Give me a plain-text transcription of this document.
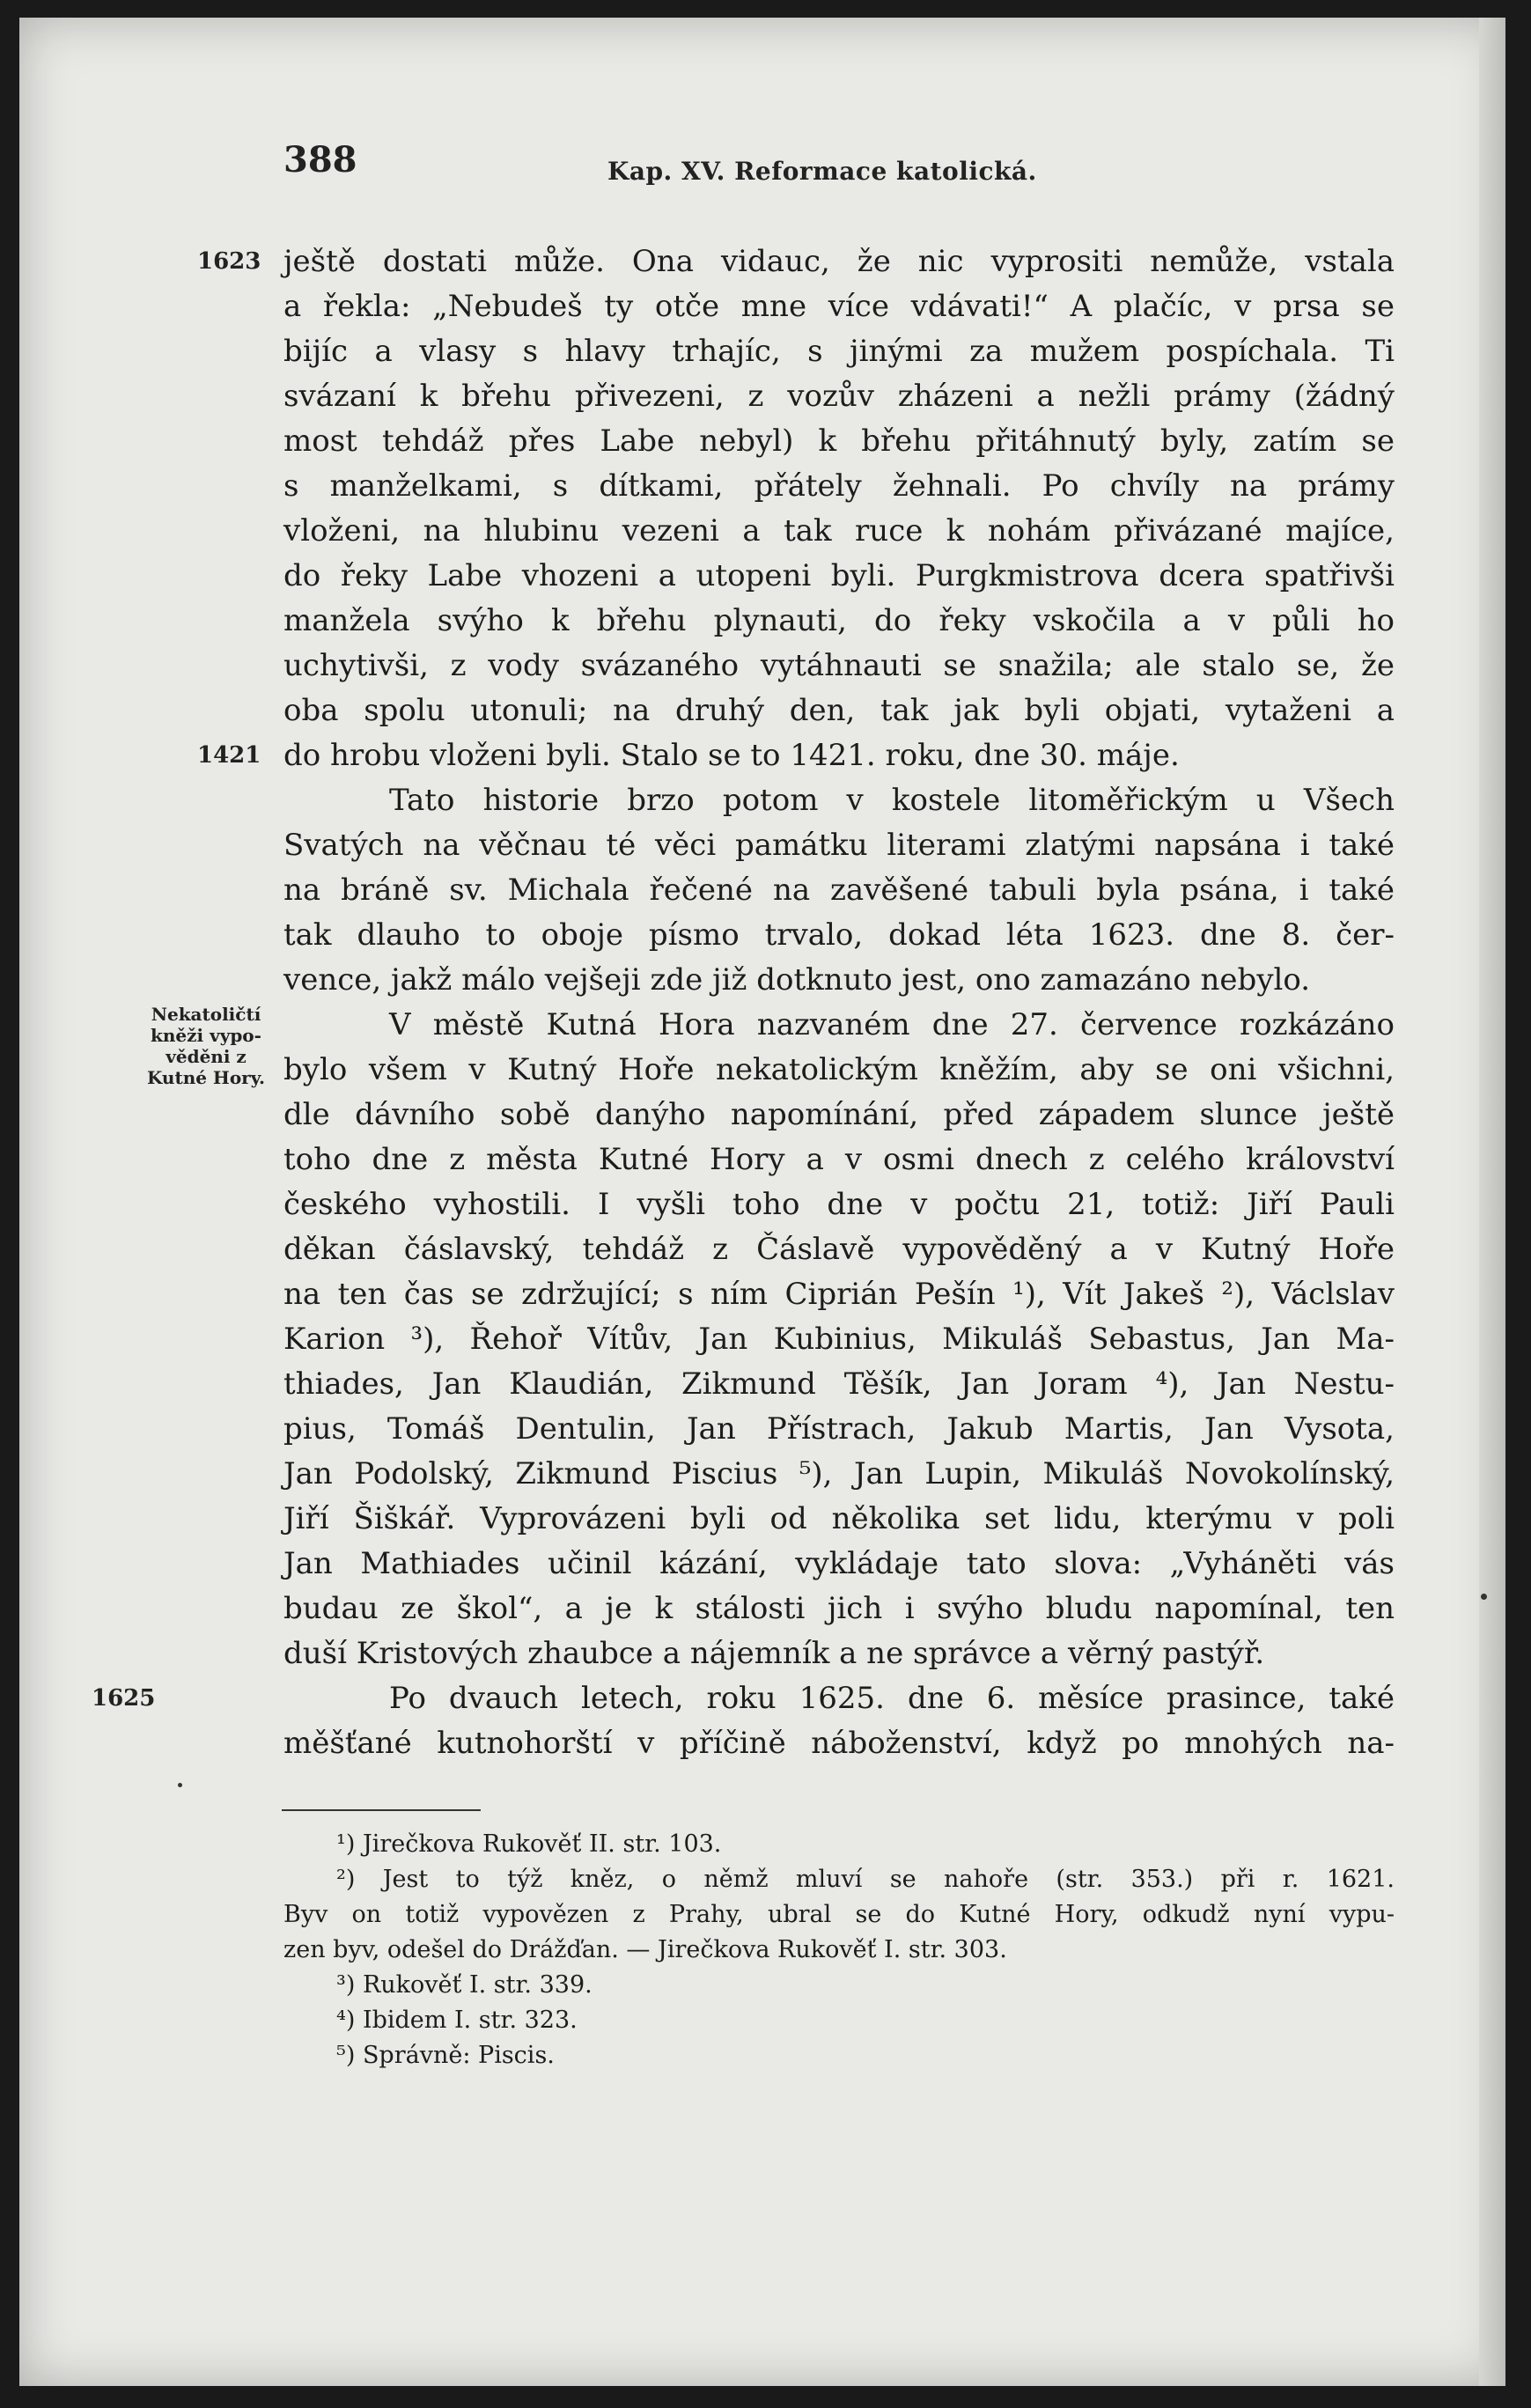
388	Kap. XV. Reformace katolická.
Nekatoličtí
kněži vypo-
věděni z
Kutné Hory.
1623 ještě dostati může. Ona vidauc, že nic vyprositi nemůže, vstala
a řekla: „Nebudeš ty otče mne více vdávati!“ A plačíc, v prsa se
bijíc a vlasy s hlavy trhajíc, s jinými za mužem pospíchala. Ti
svázaní k břehu přivezeni, z vozův zházeni a nežli prámy (žádný
most tehdáž přes Labe nebyl) k břehu přitáhnutý byly, zatím se
s manželkami, s dítkami, přátely žehnali. Po chvíly na prámy
vloženi, na hlubinu vezeni a tak ruce k nohám přivázané majíce,
do řeky Labe vhozeni a utopeni byli. Purgkmistrova dcera spatřivši
manžela svýho k břehu plynauti, do řeky vskočila a v půli ho
uchytivši, z vody svázaného vytáhnauti se snažila; ale stalo se, že
oba spolu utonuli; na druhý den, tak jak byli objati, vytaženi a
1421 do hrobu vloženi byli. Stalo se to 1421. roku, dne 30. máje.
Tato historie brzo potom v kostele litoměřickým u Všech
Svatých na věčnau té věci památku literami zlatými napsána i také
na bráně sv. Michala řečené na zavěšené tabuli byla psána, i také
tak dlauho to oboje písmo trvalo, dokad léta 1623. dne 8. čer-
vence, jakž málo vejšeji zde již dotknuto jest, ono zamazáno nebylo.
V městě Kutná Hora nazvaném dne 27. července rozkázáno
bylo všem v Kutný Hoře nekatolickým kněžím, aby se oni všichni,
dle dávního sobě danýho napomínání, před západem slunce ještě
toho dne z města Kutné Hory a v osmi dnech z celého království
českého vyhostili. I vyšli toho dne v počtu 21, totiž: Jiří Pauli
děkan čáslavský, tehdáž z Čáslavě vypověděný a v Kutný Hoře
na ten čas se zdržující; s ním Ciprián Pešín ¹), Vít Jakeš ²), Václslav
Karion ³), Řehoř Vítův, Jan Kubinius, Mikuláš Sebastus, Jan Ma-
thiades, Jan Klaudián, Zikmund Těšík, Jan Joram ⁴), Jan Nestu-
pius, Tomáš Dentulin, Jan Přístrach, Jakub Martis, Jan Vysota,
Jan Podolský, Zikmund Piscius ⁵), Jan Lupin, Mikuláš Novokolínský,
Jiří Šiškář. Vyprovázeni byli od několika set lidu, kterýmu v poli
Jan Mathiades učinil kázání, vykládaje tato slova: „Vyháněti vás
budau ze škol“, a je k stálosti jich i svýho bludu napomínal, ten
duší Kristových zhaubce a nájemník a ne správce a věrný pastýř.
1625	Po dvauch letech, roku 1625. dne 6. měsíce prasince, také
měšťané kutnohorští v příčině náboženství, když po mnohých na-
¹) Jirečkova Rukověť II. str. 103.
²) Jest to týž kněz, o němž mluví se nahoře (str. 353.) při r. 1621.
Byv on totiž vypovězen z Prahy, ubral se do Kutné Hory, odkudž nyní vypu-
zen byv, odešel do Drážďan. — Jirečkova Rukověť I. str. 303.
³) Rukověť I. str. 339.
⁴) Ibidem I. str. 323.
⁵) Správně: Piscis.
